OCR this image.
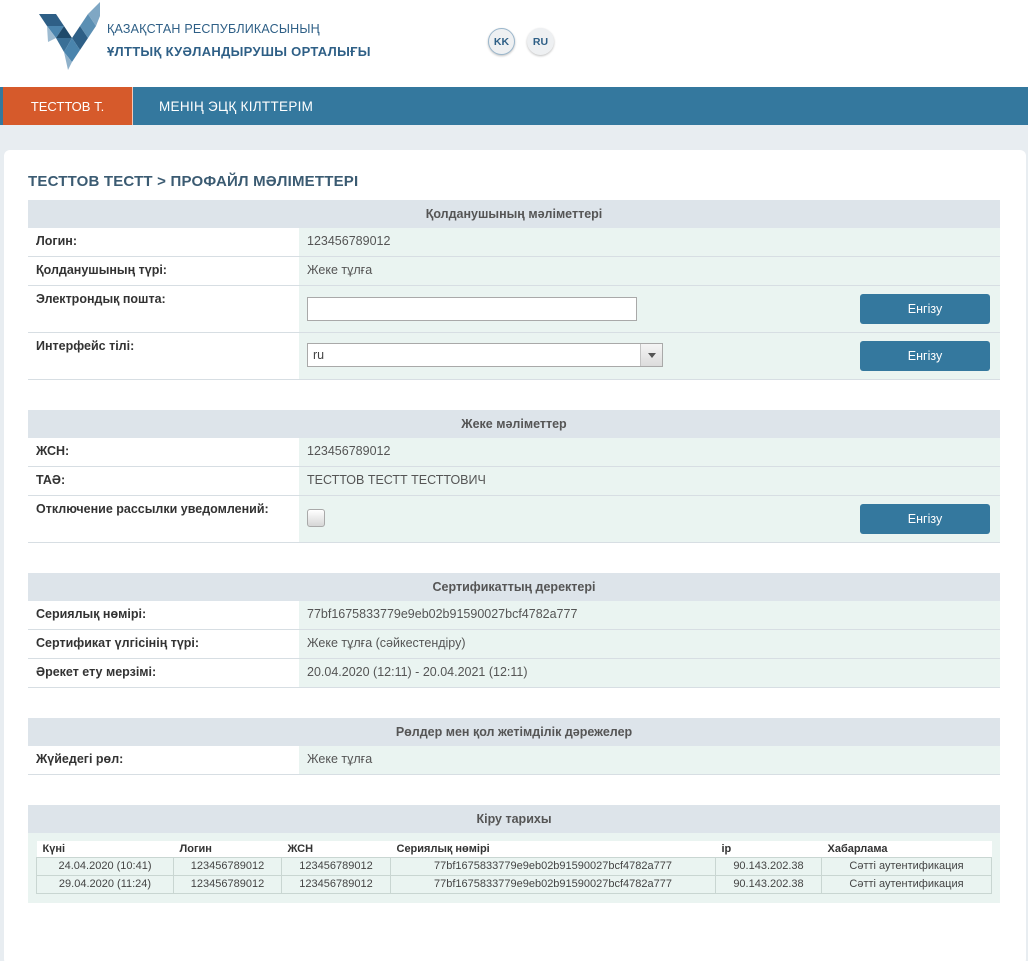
ҚАЗАҚСТАН РЕСПУБЛИКАСЫНЫҢ
ҰЛТТЫҚ КУӘЛАНДЫРУШЫ ОРТАЛЫҒЫ
KK	RU
ТЕСТТОВ Т.	МЕНІҢ ЭЦҚ КІЛТТЕРІМ
ТЕСТТОВ ТЕСТТ > ПРОФАЙЛ МӘЛІМЕТТЕРІ
Қолданушының мәліметтері
Логин:	123456789012
Қолданушының түрі:	Жеке тұлға
Электрондық пошта:
Енгізу
Интерфейс тілі:
ru	Енгізу
Жеке мәліметтер
ЖСН:	123456789012
ТАӘ:	ТЕСТТОВ ТЕСТТ ТЕСТТОВИЧ
Отключение рассылки уведомлений:
Енгізу
Сертификаттың деректері
Сериялық нөмірі:	77bf1675833779e9eb02b91590027bcf4782a777
Сертификат үлгісінің түрі:	Жеке тұлға (сәйкестендіру)
Әрекет ету мерзімі:	20.04.2020 (12:11) - 20.04.2021 (12:11)
Рөлдер мен қол жетімділік дәрежелер
Жүйедегі рөл:	Жеке тұлға
Кіру тарихы
Күні	Логин	ЖСН	Сериялық нөмірі	ip	Хабарлама
24.04.2020 (10:41)	123456789012	123456789012	77bf1675833779e9eb02b91590027bcf4782a777	90.143.202.38	Сәтті аутентификация
29.04.2020 (11:24)	123456789012	123456789012	77bf1675833779e9eb02b91590027bcf4782a777	90.143.202.38	Сәтті аутентификация
